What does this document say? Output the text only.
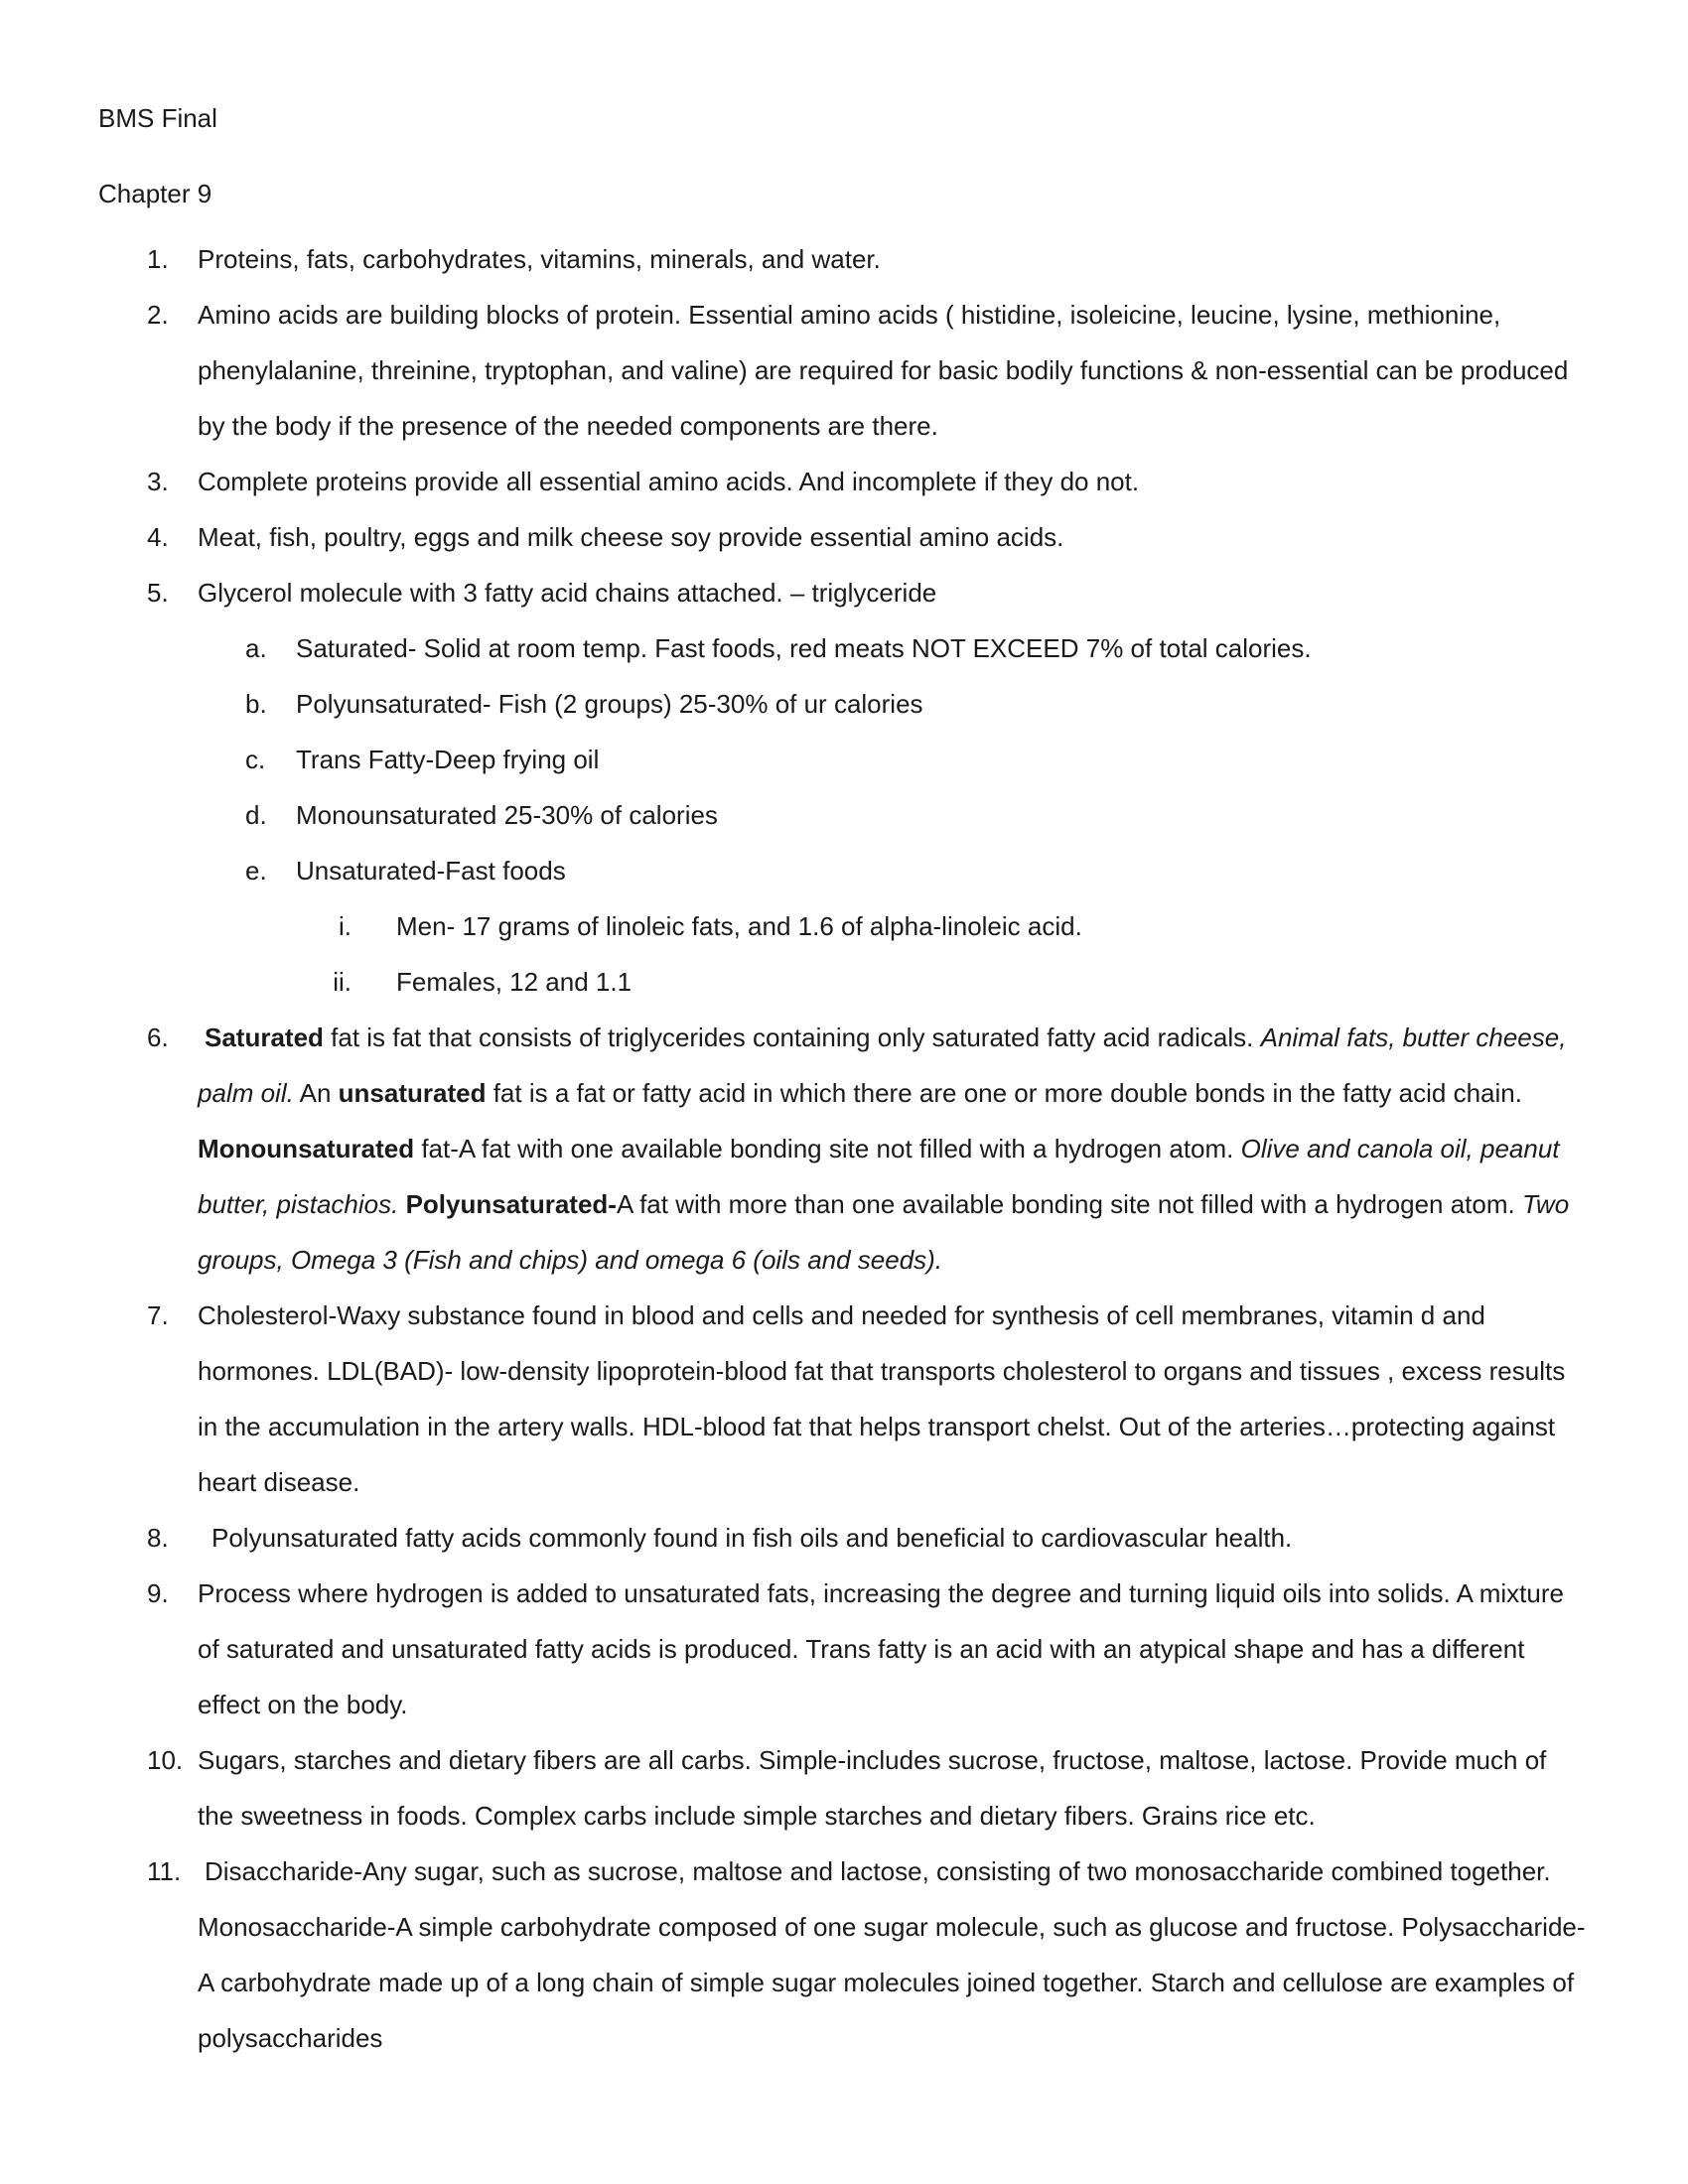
BMS Final
Chapter 9
1. Proteins, fats, carbohydrates, vitamins, minerals, and water.
2. Amino acids are building blocks of protein. Essential amino acids ( histidine, isoleicine, leucine, lysine, methionine, phenylalanine, threinine, tryptophan, and valine) are required for basic bodily functions & non-essential can be produced by the body if the presence of the needed components are there.
3. Complete proteins provide all essential amino acids. And incomplete if they do not.
4. Meat, fish, poultry, eggs and milk cheese soy provide essential amino acids.
5. Glycerol molecule with 3 fatty acid chains attached. – triglyceride
a. Saturated- Solid at room temp. Fast foods, red meats NOT EXCEED 7% of total calories.
b. Polyunsaturated- Fish (2 groups) 25-30% of ur calories
c. Trans Fatty-Deep frying oil
d. Monounsaturated 25-30% of calories
e. Unsaturated-Fast foods
i. Men- 17 grams of linoleic fats, and 1.6 of alpha-linoleic acid.
ii. Females, 12 and 1.1
6. Saturated fat is fat that consists of triglycerides containing only saturated fatty acid radicals. Animal fats, butter cheese, palm oil. An unsaturated fat is a fat or fatty acid in which there are one or more double bonds in the fatty acid chain. Monounsaturated fat-A fat with one available bonding site not filled with a hydrogen atom. Olive and canola oil, peanut butter, pistachios. Polyunsaturated-A fat with more than one available bonding site not filled with a hydrogen atom. Two groups, Omega 3 (Fish and chips) and omega 6 (oils and seeds).
7. Cholesterol-Waxy substance found in blood and cells and needed for synthesis of cell membranes, vitamin d and hormones. LDL(BAD)- low-density lipoprotein-blood fat that transports cholesterol to organs and tissues , excess results in the accumulation in the artery walls. HDL-blood fat that helps transport chelst. Out of the arteries…protecting against heart disease.
8. Polyunsaturated fatty acids commonly found in fish oils and beneficial to cardiovascular health.
9. Process where hydrogen is added to unsaturated fats, increasing the degree and turning liquid oils into solids. A mixture of saturated and unsaturated fatty acids is produced. Trans fatty is an acid with an atypical shape and has a different effect on the body.
10. Sugars, starches and dietary fibers are all carbs. Simple-includes sucrose, fructose, maltose, lactose. Provide much of the sweetness in foods. Complex carbs include simple starches and dietary fibers. Grains rice etc.
11. Disaccharide-Any sugar, such as sucrose, maltose and lactose, consisting of two monosaccharide combined together. Monosaccharide-A simple carbohydrate composed of one sugar molecule, such as glucose and fructose. Polysaccharide- A carbohydrate made up of a long chain of simple sugar molecules joined together. Starch and cellulose are examples of polysaccharides
